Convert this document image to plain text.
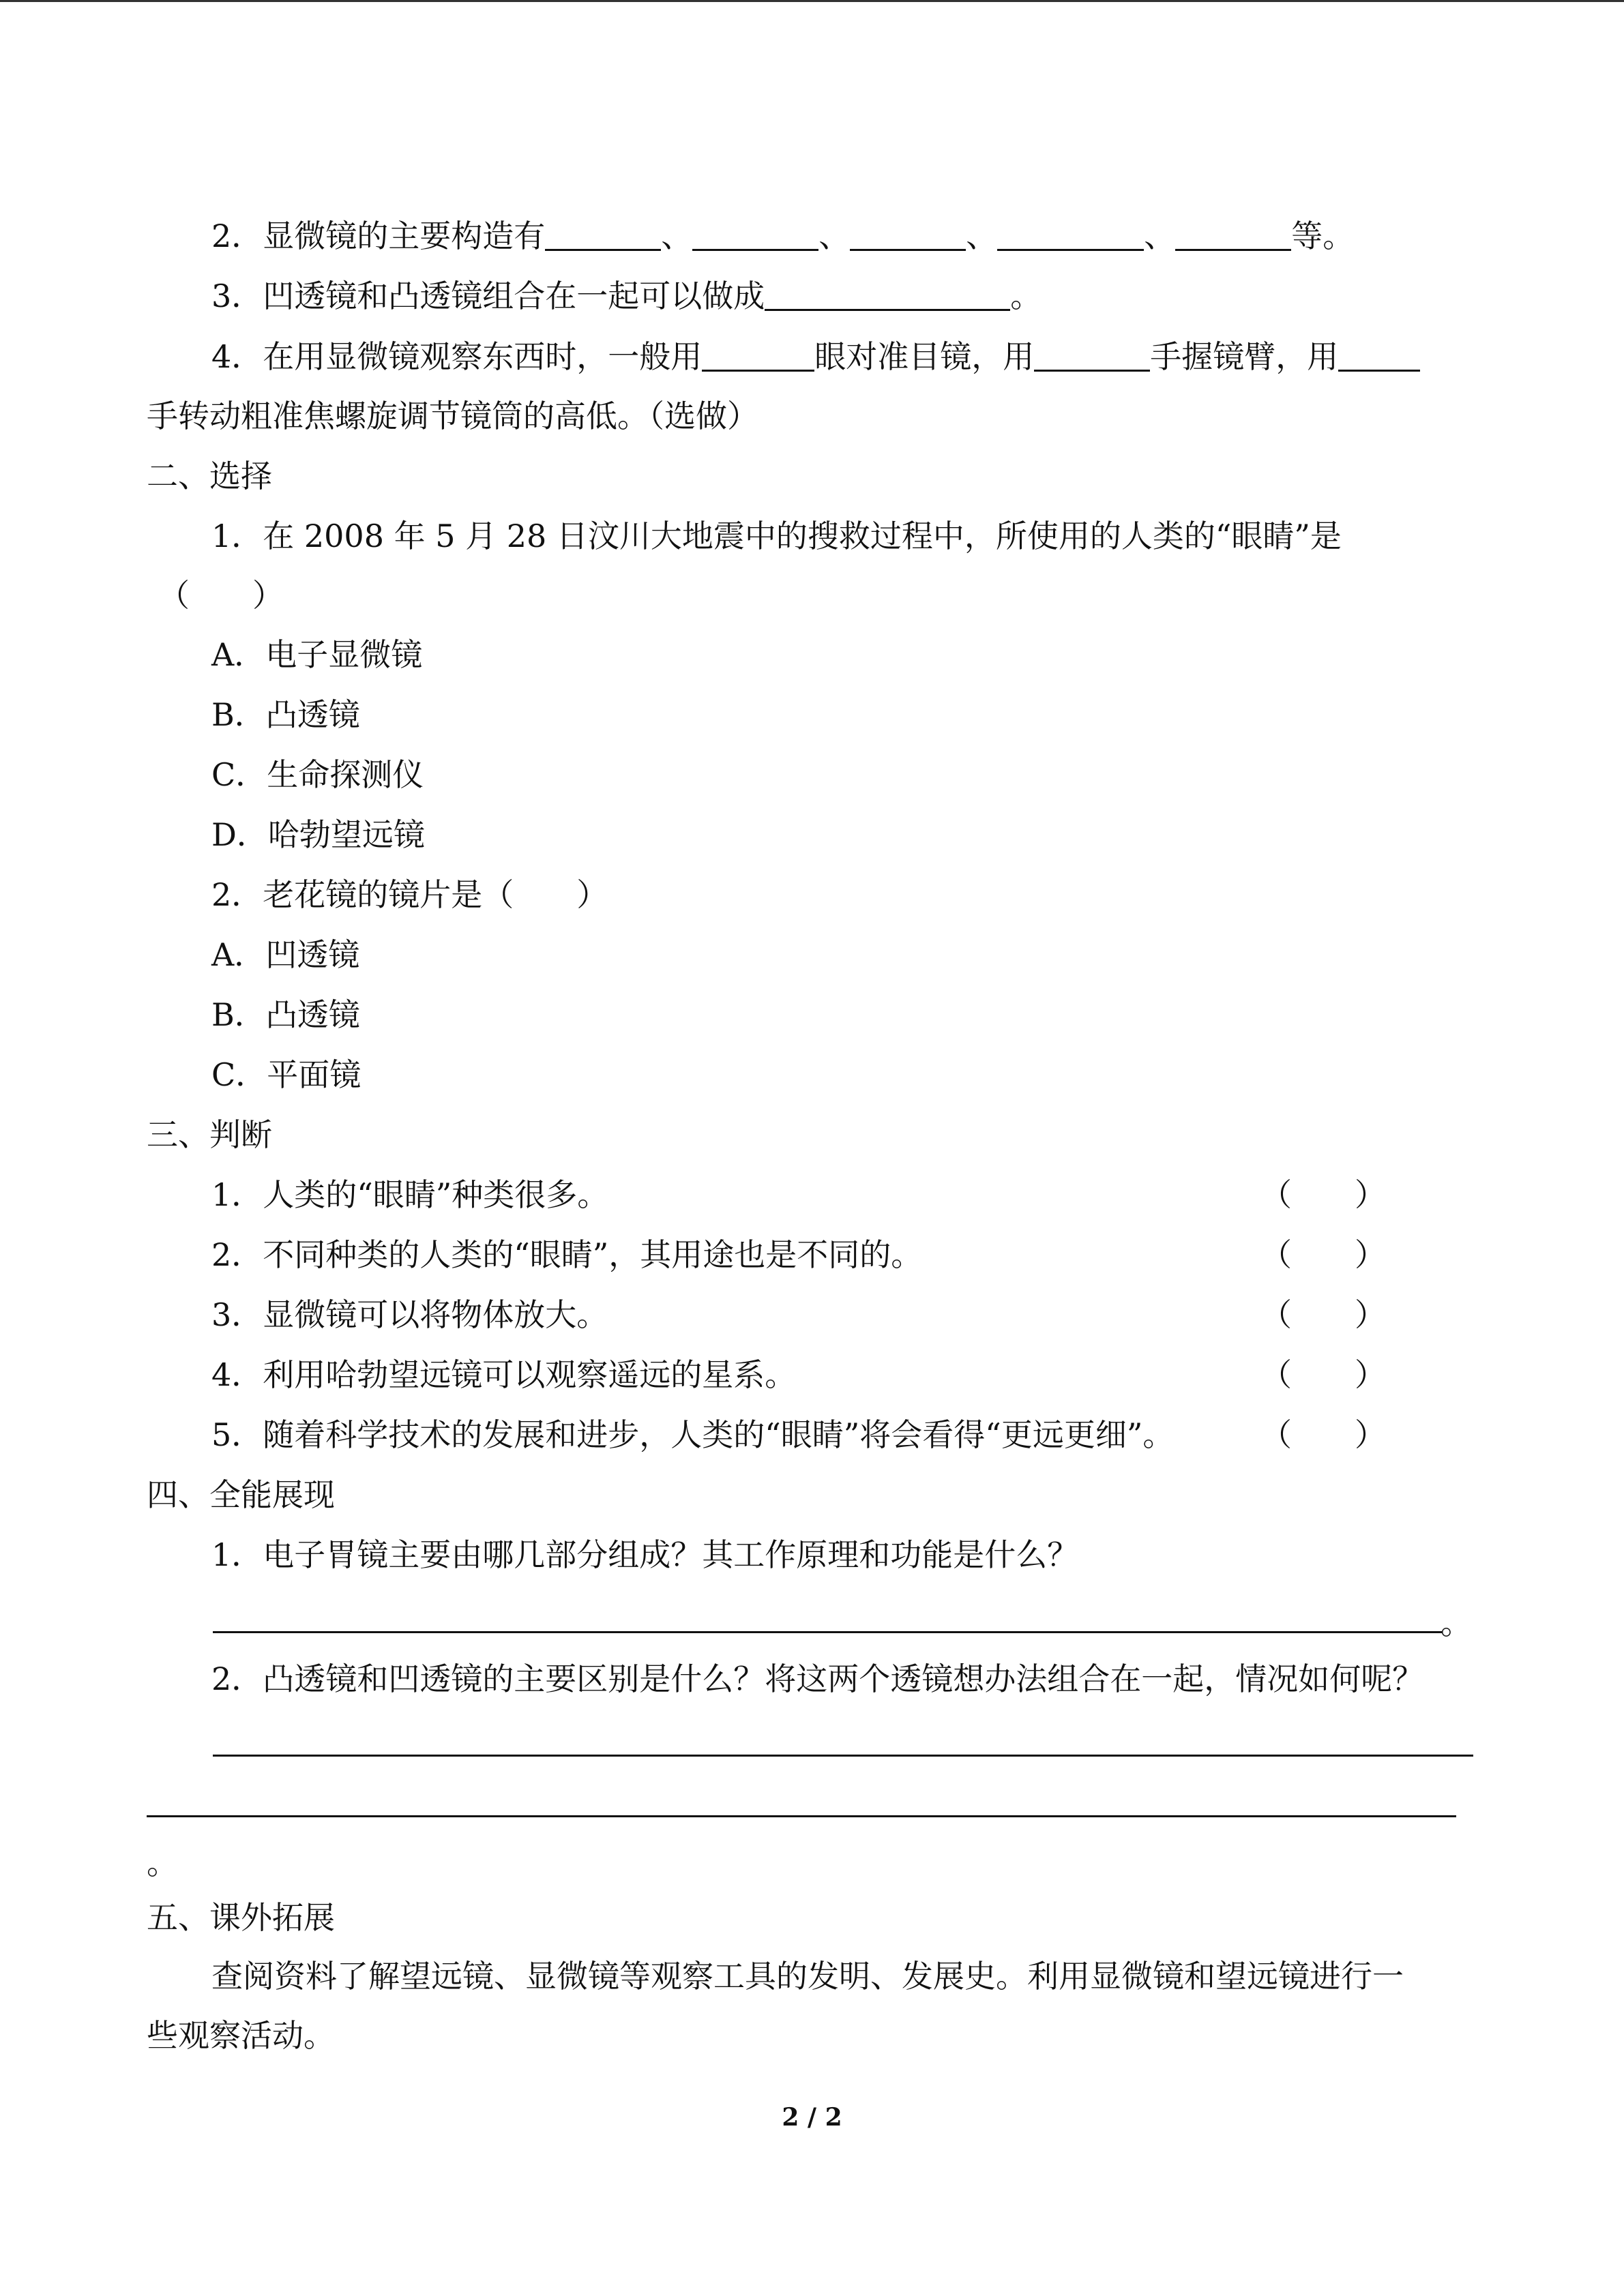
2．显微镜的主要构造有	、	、	、	、	等。
3．凹透镜和凸透镜组合在一起可以做成	。
4．在用显微镜观察东西时，一般用	眼对准目镜，用	手握镜臂，用
手转动粗准焦螺旋调节镜筒的高低。（选做）
二、选择
1．在 2008 年 5 月 28 日汶川大地震中的搜救过程中，所使用的人类的“眼睛”是
（　　）
A．电子显微镜
B．凸透镜
C．生命探测仪
D．哈勃望远镜
2．老花镜的镜片是（　　）
A．凹透镜
B．凸透镜
C．平面镜
三、判断
1．人类的“眼睛”种类很多。	（　　）
2．不同种类的人类的“眼睛”，其用途也是不同的。	（　　）
3．显微镜可以将物体放大。	（　　）
4．利用哈勃望远镜可以观察遥远的星系。	（　　）
5．随着科学技术的发展和进步，人类的“眼睛”将会看得“更远更细”。	（　　）
四、全能展现
1．电子胃镜主要由哪几部分组成？其工作原理和功能是什么？
。
2．凸透镜和凹透镜的主要区别是什么？将这两个透镜想办法组合在一起，情况如何呢？
。
五、课外拓展
查阅资料了解望远镜、显微镜等观察工具的发明、发展史。利用显微镜和望远镜进行一
些观察活动。
2 / 2
